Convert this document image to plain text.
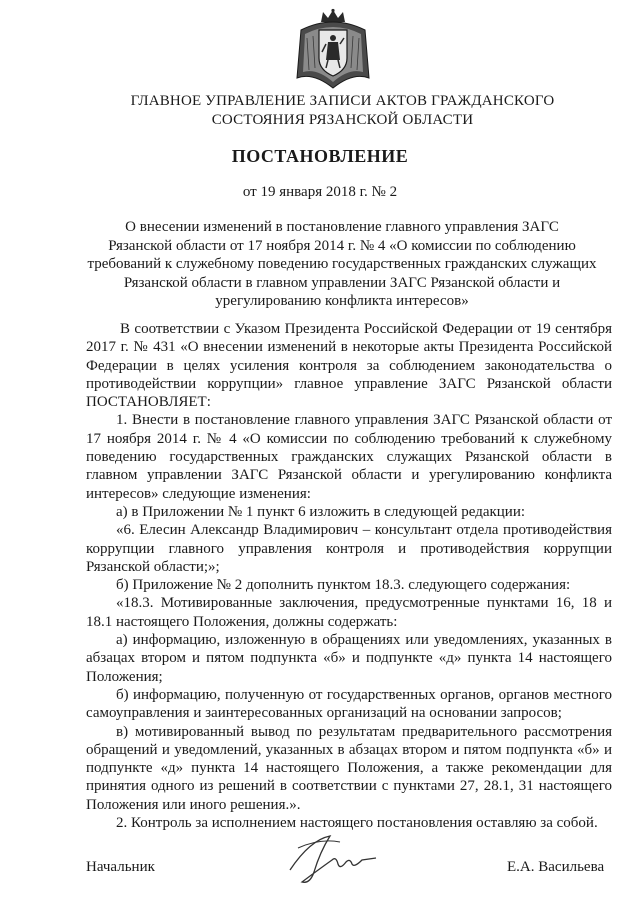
ГЛАВНОЕ УПРАВЛЕНИЕ ЗАПИСИ АКТОВ ГРАЖДАНСКОГО
СОСТОЯНИЯ РЯЗАНСКОЙ ОБЛАСТИ
ПОСТАНОВЛЕНИЕ
от 19 января 2018 г. № 2
О внесении изменений в постановление главного управления ЗАГС
Рязанской области от 17 ноября 2014 г. № 4 «О комиссии по соблюдению
требований к служебному поведению государственных гражданских служащих
Рязанской области в главном управлении ЗАГС Рязанской области и
урегулированию конфликта интересов»

В соответствии с Указом Президента Российской Федерации от 19 сентября 2017 г. № 431 «О внесении изменений в некоторые акты Президента Российской Федерации в целях усиления контроля за соблюдением законодательства о противодействии коррупции» главное управление ЗАГС Рязанской области ПОСТАНОВЛЯЕТ:

1. Внести в постановление главного управления ЗАГС Рязанской области от 17 ноября 2014 г. № 4 «О комиссии по соблюдению требований к служебному поведению государственных гражданских служащих Рязанской области в главном управлении ЗАГС Рязанской области и урегулированию конфликта интересов» следующие изменения:

а) в Приложении № 1 пункт 6 изложить в следующей редакции:

«6. Елесин Александр Владимирович – консультант отдела противодействия коррупции главного управления контроля и противодействия коррупции Рязанской области;»;

б) Приложение № 2 дополнить пунктом 18.3. следующего содержания:

«18.3. Мотивированные заключения, предусмотренные пунктами 16, 18 и 18.1 настоящего Положения, должны содержать:

а) информацию, изложенную в обращениях или уведомлениях, указанных в абзацах втором и пятом подпункта «б» и подпункте «д» пункта 14 настоящего Положения;

б) информацию, полученную от государственных органов, органов местного самоуправления и заинтересованных организаций на основании запросов;

в) мотивированный вывод по результатам предварительного рассмотрения обращений и уведомлений, указанных в абзацах втором и пятом подпункта «б» и подпункте «д» пункта 14 настоящего Положения, а также рекомендации для принятия одного из решений в соответствии с пунктами 27, 28.1, 31 настоящего Положения или иного решения.».

2. Контроль за исполнением настоящего постановления оставляю за собой.

Начальник	Е.А. Васильева
